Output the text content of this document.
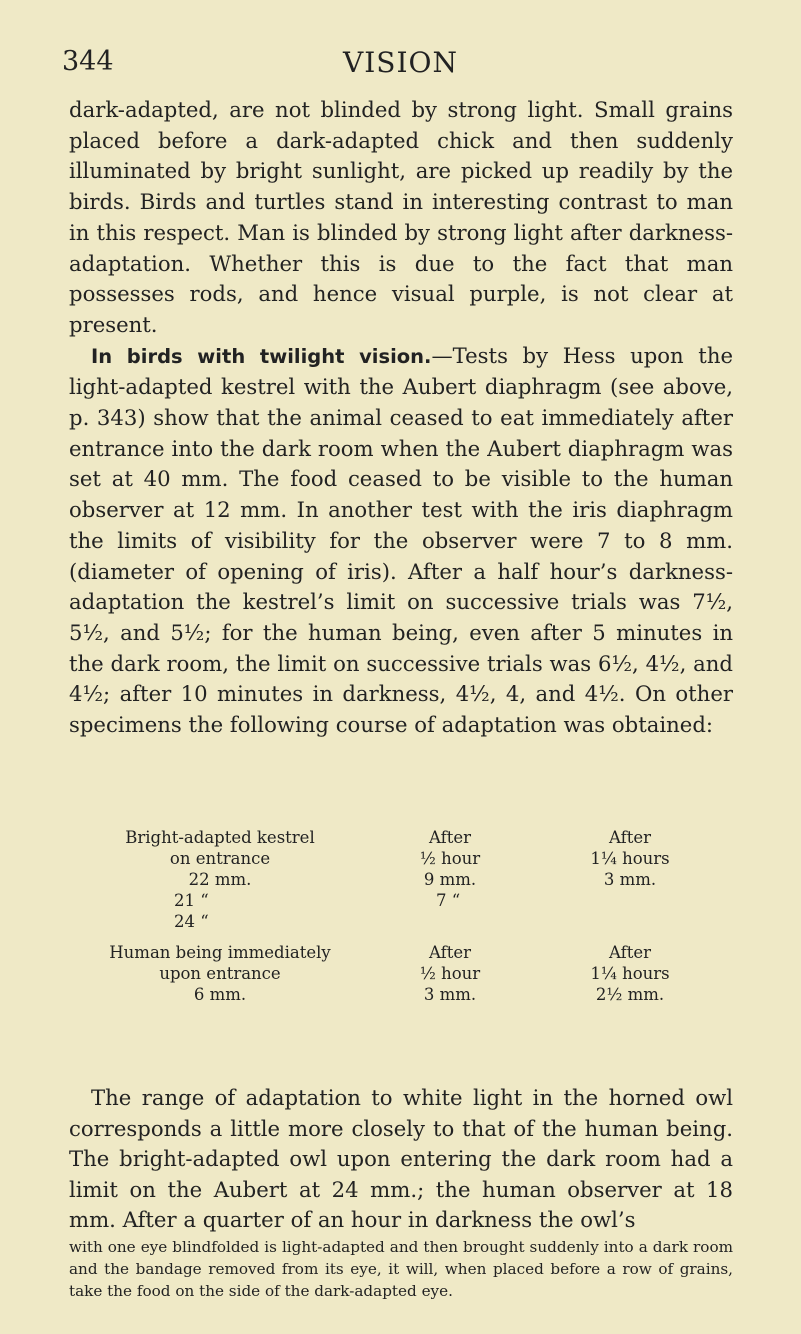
344	VISION

dark-adapted, are not blinded by strong light. Small grains placed before a dark-adapted chick and then suddenly illuminated by bright sunlight, are picked up readily by the birds. Birds and turtles stand in interesting contrast to man in this respect. Man is blinded by strong light after darkness-adaptation. Whether this is due to the fact that man possesses rods, and hence visual purple, is not clear at present.

In birds with twilight vision.—Tests by Hess upon the light-adapted kestrel with the Aubert diaphragm (see above, p. 343) show that the animal ceased to eat immediately after entrance into the dark room when the Aubert diaphragm was set at 40 mm. The food ceased to be visible to the human observer at 12 mm. In another test with the iris diaphragm the limits of visibility for the observer were 7 to 8 mm. (diameter of opening of iris). After a half hour’s darkness-adaptation the kestrel’s limit on successive trials was 7½, 5½, and 5½; for the human being, even after 5 minutes in the dark room, the limit on successive trials was 6½, 4½, and 4½; after 10 minutes in darkness, 4½, 4, and 4½. On other specimens the following course of adaptation was obtained:

Bright-adapted kestrel	After	After
on entrance	½ hour	1¼ hours
22 mm.	9 mm.	3 mm.
21 “	7 “
24 “
Human being immediately	After	After
upon entrance	½ hour	1¼ hours
6 mm.	3 mm.	2½ mm.

The range of adaptation to white light in the horned owl corresponds a little more closely to that of the human being. The bright-adapted owl upon entering the dark room had a limit on the Aubert at 24 mm.; the human observer at 18 mm. After a quarter of an hour in darkness the owl’s

with one eye blindfolded is light-adapted and then brought suddenly into a dark room and the bandage removed from its eye, it will, when placed before a row of grains, take the food on the side of the dark-adapted eye.
